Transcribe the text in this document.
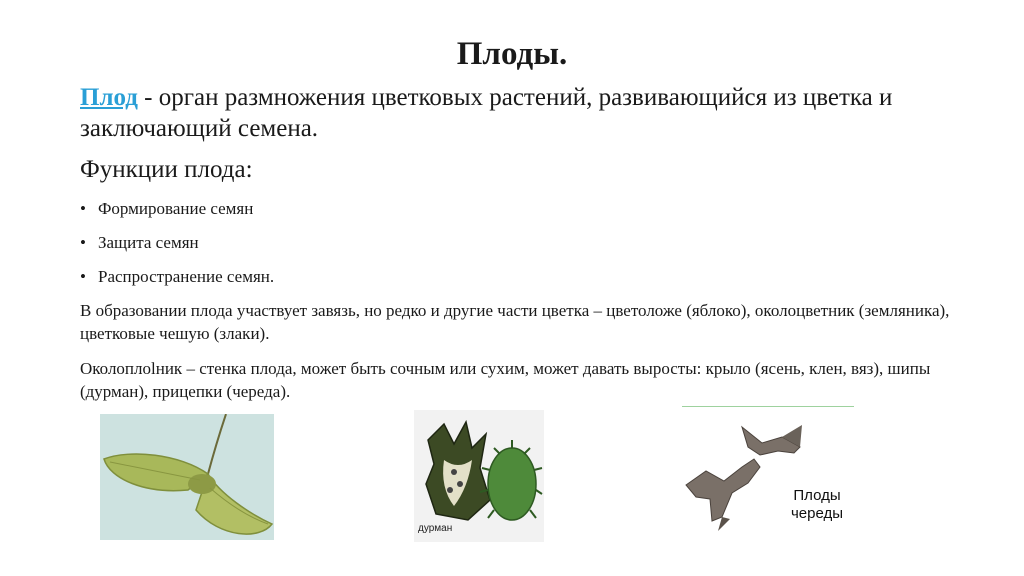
Плоды.

Плод - орган размножения цветковых растений, развивающийся из цветка и заключающий семена.

Функции плода:

• Формирование семян
• Защита семян
• Распространение семян.

В образовании плода участвует завязь, но редко и другие части цветка – цветоложе (яблоко), околоцветник (земляника), цветковые чешую (злаки).

Околоплоlник – стенка плода, может быть сочным или сухим, может давать выросты: крыло (ясень, клен, вяз), шипы (дурман), прицепки (череда).

дурман
Плоды
череды
